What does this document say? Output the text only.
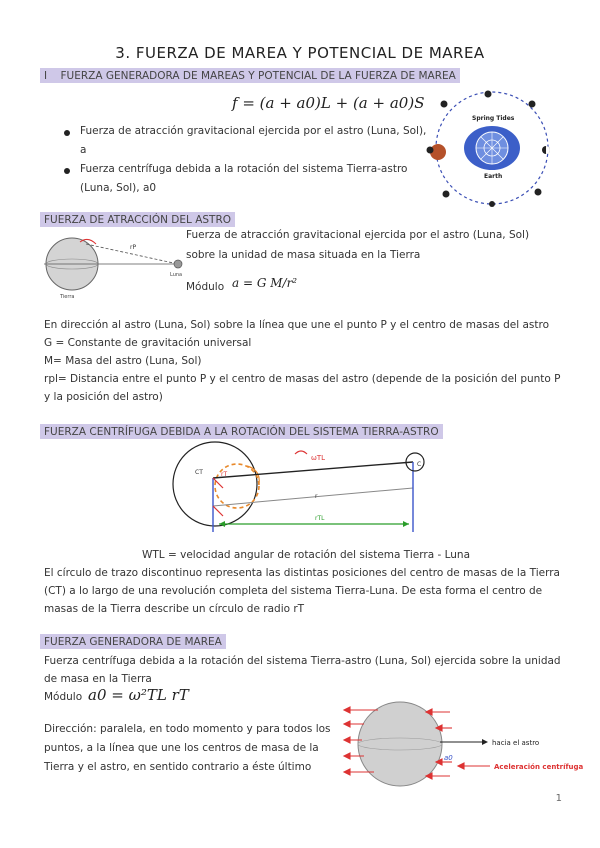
3. FUERZA DE MAREA Y POTENCIAL DE MAREA
I FUERZA GENERADORA DE MAREAS Y POTENCIAL DE LA FUERZA DE MAREA
f = (a + a0)L + (a + a0)S
Fuerza de atracción gravitacional ejercida por el astro (Luna, Sol),
a
Fuerza centrífuga debida a la rotación del sistema Tierra-astro
(Luna, Sol), a0
Spring Tides
Earth
FUERZA DE ATRACCIÓN DEL ASTRO
rP
Tierra
Luna
Fuerza de atracción gravitacional ejercida por el astro (Luna, Sol)
sobre la unidad de masa situada en la Tierra
Módulo a = G M/r²
En dirección al astro (Luna, Sol) sobre la línea que une el punto P y el centro de masas del astro
G = Constante de gravitación universal
M= Masa del astro (Luna, Sol)
rpl= Distancia entre el punto P y el centro de masas del astro (depende de la posición del punto P
y la posición del astro)
FUERZA CENTRÍFUGA DEBIDA A LA ROTACIÓN DEL SISTEMA TIERRA-ASTRO
ωTL
CT
C
rT
r
rTL
WTL = velocidad angular de rotación del sistema Tierra - Luna
El círculo de trazo discontinuo representa las distintas posiciones del centro de masas de la Tierra
(CT) a lo largo de una revolución completa del sistema Tierra-Luna. De esta forma el centro de
masas de la Tierra describe un círculo de radio rT
FUERZA GENERADORA DE MAREA
Fuerza centrífuga debida a la rotación del sistema Tierra-astro (Luna, Sol) ejercida sobre la unidad
de masa en la Tierra
Módulo a0 = ω²TL rT
Dirección: paralela, en todo momento y para todos los
puntos, a la línea que une los centros de masa de la
Tierra y el astro, en sentido contrario a éste último
hacia el astro
a0
Aceleración centrífuga
1
